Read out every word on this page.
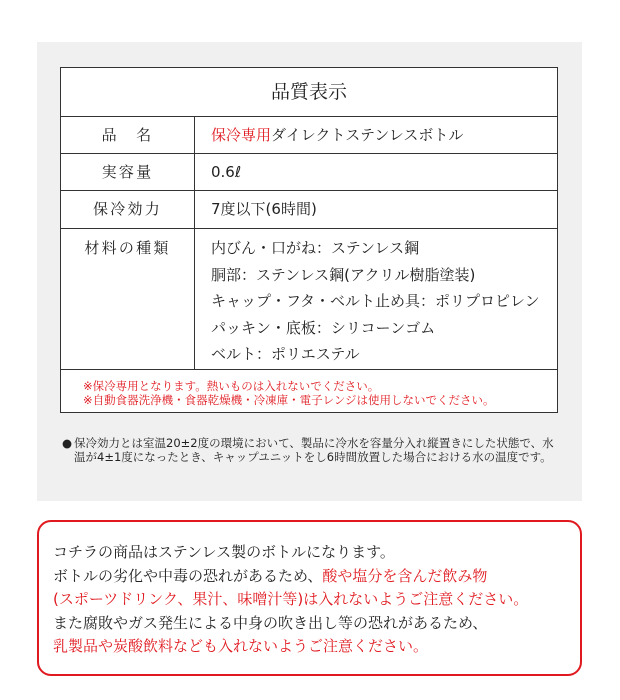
品質表示
品　名	保冷専用ダイレクトステンレスボトル
実容量	0.6ℓ
保冷効力	7度以下(6時間)
材料の種類	内びん・口がね：ステンレス鋼
胴部：ステンレス鋼(アクリル樹脂塗装)
キャップ・フタ・ベルト止め具：ポリプロピレン
パッキン・底板：シリコーンゴム
ベルト：ポリエステル
※保冷専用となります。熱いものは入れないでください。
※自動食器洗浄機・食器乾燥機・冷凍庫・電子レンジは使用しないでください。
● 保冷効力とは室温20±2度の環境において、製品に冷水を容量分入れ縦置きにした状態で、水温が4±1度になったとき、キャップユニットをし6時間放置した場合における水の温度です。
コチラの商品はステンレス製のボトルになります。
ボトルの劣化や中毒の恐れがあるため、酸や塩分を含んだ飲み物
(スポーツドリンク、果汁、味噌汁等)は入れないようご注意ください。
また腐敗やガス発生による中身の吹き出し等の恐れがあるため、
乳製品や炭酸飲料なども入れないようご注意ください。
